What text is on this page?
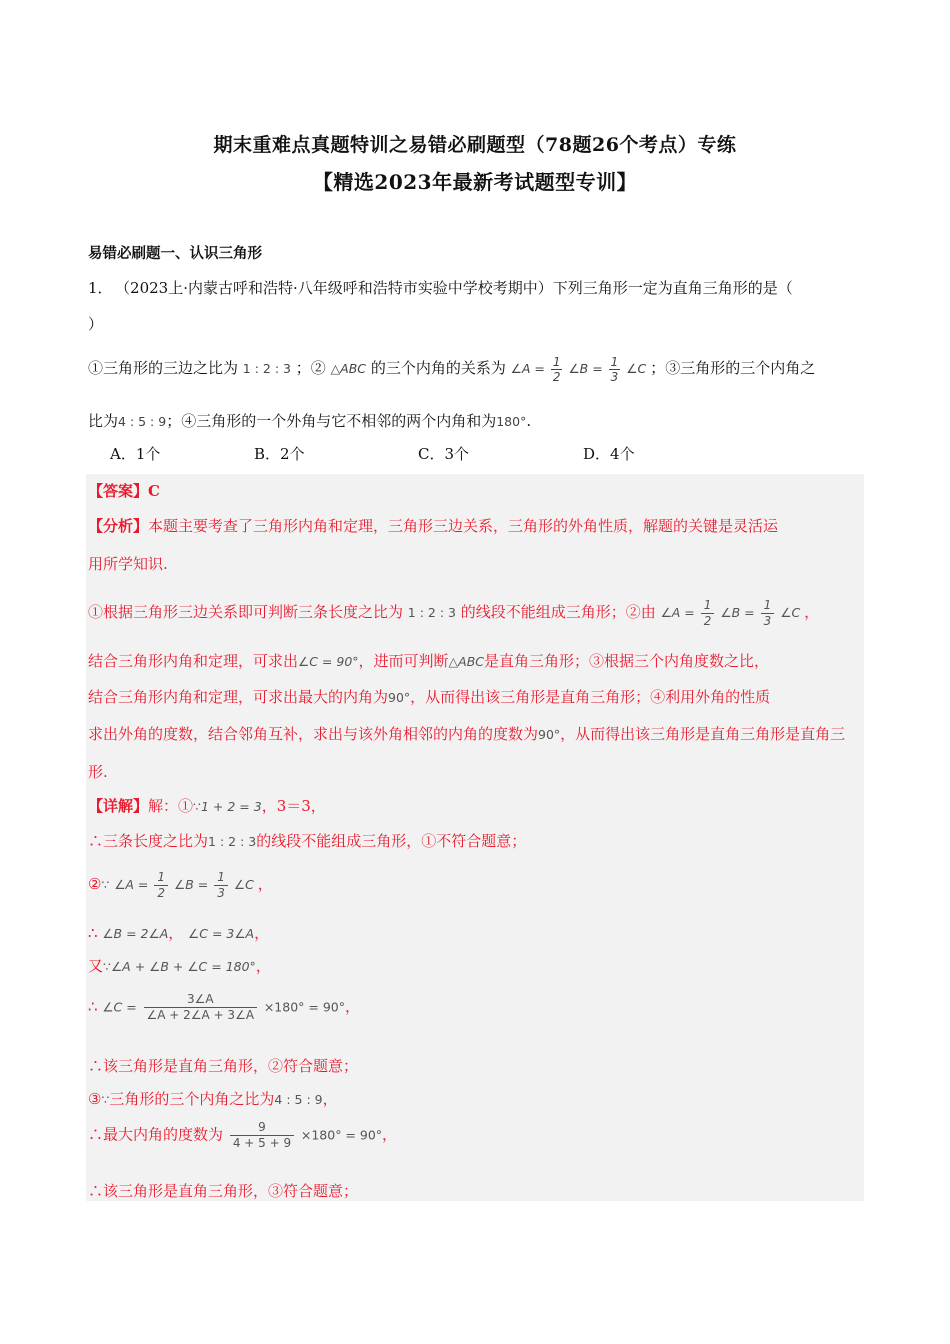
期末重难点真题特训之易错必刷题型（78题26个考点）专练
【精选2023年最新考试题型专训】
易错必刷题一、认识三角形
1． （2023上·内蒙古呼和浩特·八年级呼和浩特市实验中学校考期中）下列三角形一定为直角三角形的是（
）
①三角形的三边之比为 1 : 2 : 3 ；② △ABC 的三个内角的关系为 ∠A = $\frac{1}{2}$ ∠B = $\frac{1}{3}$ ∠C ；③三角形的三个内角之
比为4 : 5 : 9；④三角形的一个外角与它不相邻的两个内角和为180°.
A．1个	B．2个	C．3个	D．4个
【答案】C
【分析】本题主要考查了三角形内角和定理，三角形三边关系，三角形的外角性质，解题的关键是灵活运
用所学知识.
①根据三角形三边关系即可判断三条长度之比为 1 : 2 : 3 的线段不能组成三角形；②由 ∠A = $\frac{1}{2}$ ∠B = $\frac{1}{3}$ ∠C ，
结合三角形内角和定理，可求出∠C = 90°，进而可判断△ABC是直角三角形；③根据三个内角度数之比，
结合三角形内角和定理，可求出最大的内角为90°，从而得出该三角形是直角三角形；④利用外角的性质
求出外角的度数，结合邻角互补，求出与该外角相邻的内角的度数为90°，从而得出该三角形是直角三角形是直角三
形.
【详解】解：①∵1 + 2 = 3，3＝3，
∴三条长度之比为1 : 2 : 3的线段不能组成三角形，①不符合题意；
②∵ ∠A = $\frac{1}{2}$ ∠B = $\frac{1}{3}$ ∠C ，
∴ ∠B = 2∠A， ∠C = 3∠A，
又∵∠A + ∠B + ∠C = 180°，
∴ ∠C = $\frac{3\angle A}{\angle A + 2\angle A + 3\angle A} \times 180^\circ = 90^\circ$，
∴该三角形是直角三角形，②符合题意；
③∵三角形的三个内角之比为4 : 5 : 9，
∴最大内角的度数为 $\frac{9}{4 + 5 + 9} \times 180^\circ = 90^\circ$，
∴该三角形是直角三角形，③符合题意；
